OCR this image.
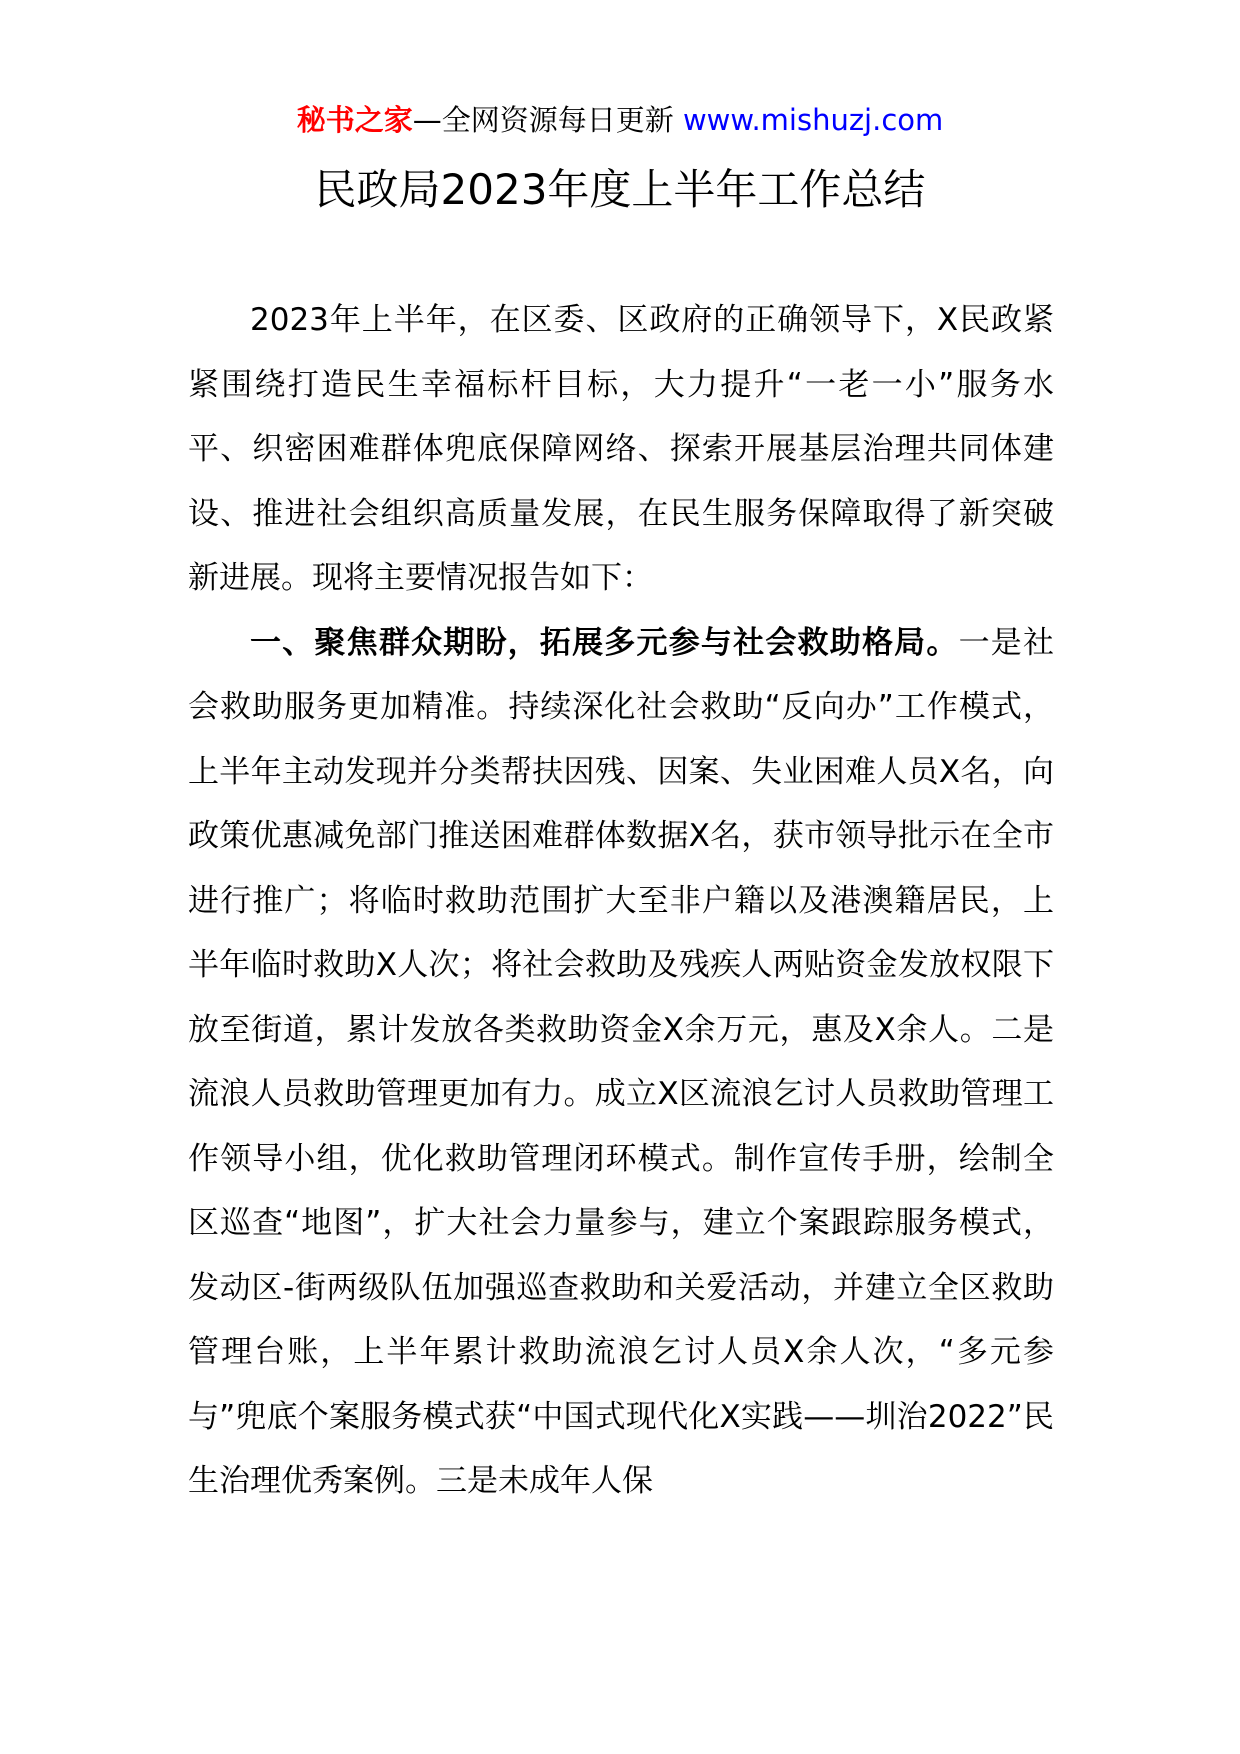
秘书之家—全网资源每日更新 www.mishuzj.com
民政局2023年度上半年工作总结

2023年上半年，在区委、区政府的正确领导下，X民政紧紧围绕打造民生幸福标杆目标，大力提升“一老一小”服务水平、织密困难群体兜底保障网络、探索开展基层治理共同体建设、推进社会组织高质量发展，在民生服务保障取得了新突破新进展。现将主要情况报告如下：

一、聚焦群众期盼，拓展多元参与社会救助格局。一是社会救助服务更加精准。持续深化社会救助“反向办”工作模式，上半年主动发现并分类帮扶因残、因案、失业困难人员X名，向政策优惠减免部门推送困难群体数据X名，获市领导批示在全市进行推广；将临时救助范围扩大至非户籍以及港澳籍居民，上半年临时救助X人次；将社会救助及残疾人两贴资金发放权限下放至街道，累计发放各类救助资金X余万元，惠及X余人。二是流浪人员救助管理更加有力。成立X区流浪乞讨人员救助管理工作领导小组，优化救助管理闭环模式。制作宣传手册，绘制全区巡查“地图”，扩大社会力量参与，建立个案跟踪服务模式，发动区-街两级队伍加强巡查救助和关爱活动，并建立全区救助管理台账，上半年累计救助流浪乞讨人员X余人次，“多元参与”兜底个案服务模式获“中国式现代化X实践——圳治2022”民生治理优秀案例。三是未成年人保
